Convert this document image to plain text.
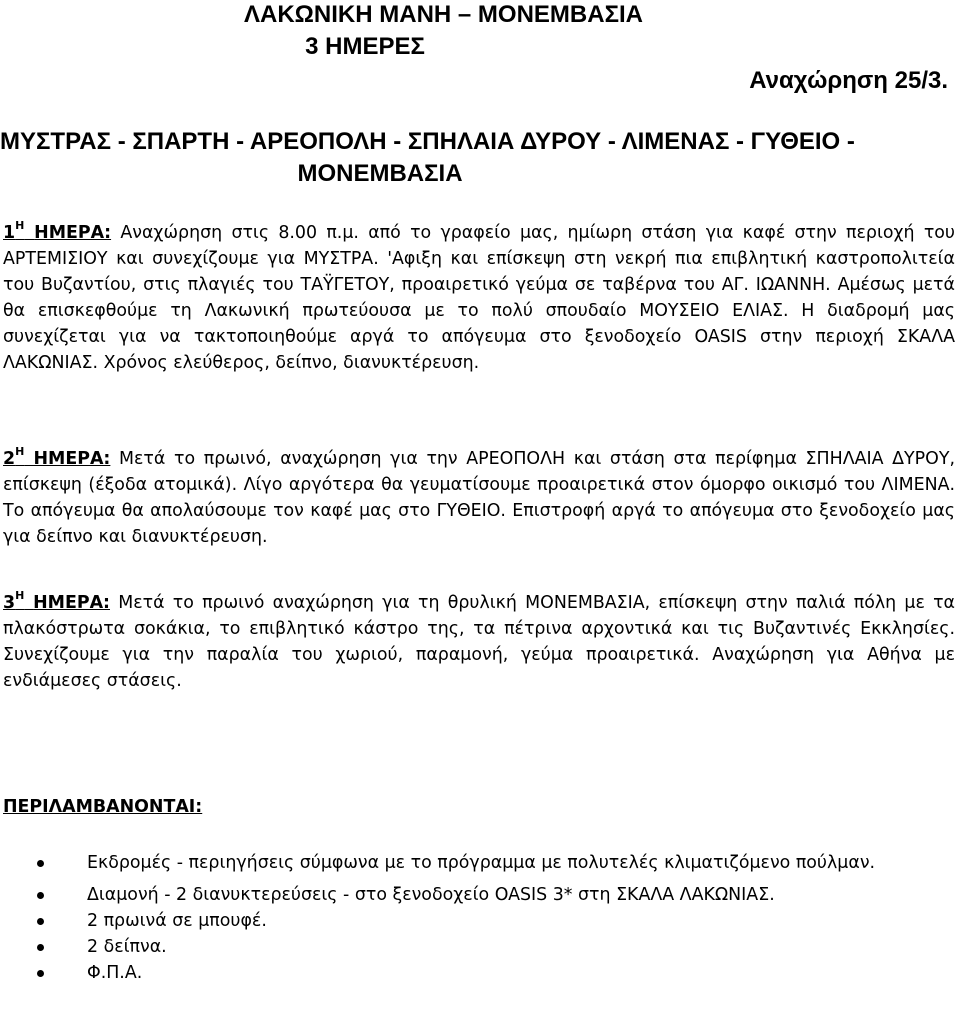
ΛΑΚΩΝΙΚΗ ΜΑΝΗ – ΜΟΝΕΜΒΑΣΙΑ
3 ΗΜΕΡΕΣ
Αναχώρηση 25/3.
ΜΥΣΤΡΑΣ - ΣΠΑΡΤΗ - ΑΡΕΟΠΟΛΗ - ΣΠΗΛΑΙΑ ΔΥΡΟΥ - ΛΙΜΕΝΑΣ - ΓΥΘΕΙΟ -
ΜΟΝΕΜΒΑΣΙΑ
$1^H$ ΗΜΕΡΑ: Αναχώρηση στις 8.00 π.μ. από το γραφείο μας, ημίωρη στάση για καφέ στην περιοχή του ΑΡΤΕΜΙΣΙΟΥ και συνεχίζουμε για ΜΥΣΤΡΑ. 'Αφιξη και επίσκεψη στη νεκρή πια επιβλητική καστροπολιτεία του Βυζαντίου, στις πλαγιές του ΤΑΫΓΕΤΟΥ, προαιρετικό γεύμα σε ταβέρνα του ΑΓ. ΙΩΑΝΝΗ. Αμέσως μετά θα επισκεφθούμε τη Λακωνική πρωτεύουσα με το πολύ σπουδαίο ΜΟΥΣΕΙΟ ΕΛΙΑΣ. Η διαδρομή μας συνεχίζεται για να τακτοποιηθούμε αργά το απόγευμα στο ξενοδοχείο OASIS στην περιοχή ΣΚΑΛΑ ΛΑΚΩΝΙΑΣ. Χρόνος ελεύθερος, δείπνο, διανυκτέρευση.
$2^H$ ΗΜΕΡΑ: Μετά το πρωινό, αναχώρηση για την ΑΡΕΟΠΟΛΗ και στάση στα περίφημα ΣΠΗΛΑΙΑ ΔΥΡΟΥ, επίσκεψη (έξοδα ατομικά). Λίγο αργότερα θα γευματίσουμε προαιρετικά στον όμορφο οικισμό του ΛΙΜΕΝΑ. Το απόγευμα θα απολαύσουμε τον καφέ μας στο ΓΥΘΕΙΟ. Επιστροφή αργά το απόγευμα στο ξενοδοχείο μας για δείπνο και διανυκτέρευση.
$3^H$ ΗΜΕΡΑ: Μετά το πρωινό αναχώρηση για τη θρυλική ΜΟΝΕΜΒΑΣΙΑ, επίσκεψη στην παλιά πόλη με τα πλακόστρωτα σοκάκια, το επιβλητικό κάστρο της, τα πέτρινα αρχοντικά και τις Βυζαντινές Εκκλησίες. Συνεχίζουμε για την παραλία του χωριού, παραμονή, γεύμα προαιρετικά. Αναχώρηση για Αθήνα με ενδιάμεσες στάσεις.
ΠΕΡΙΛΑΜΒΑΝΟΝΤΑΙ:
Εκδρομές - περιηγήσεις σύμφωνα με το πρόγραμμα με πολυτελές κλιματιζόμενο πούλμαν.
Διαμονή - 2 διανυκτερεύσεις - στο ξενοδοχείο OASIS 3* στη ΣΚΑΛΑ ΛΑΚΩΝΙΑΣ.
2 πρωινά σε μπουφέ.
2 δείπνα.
Φ.Π.Α.
